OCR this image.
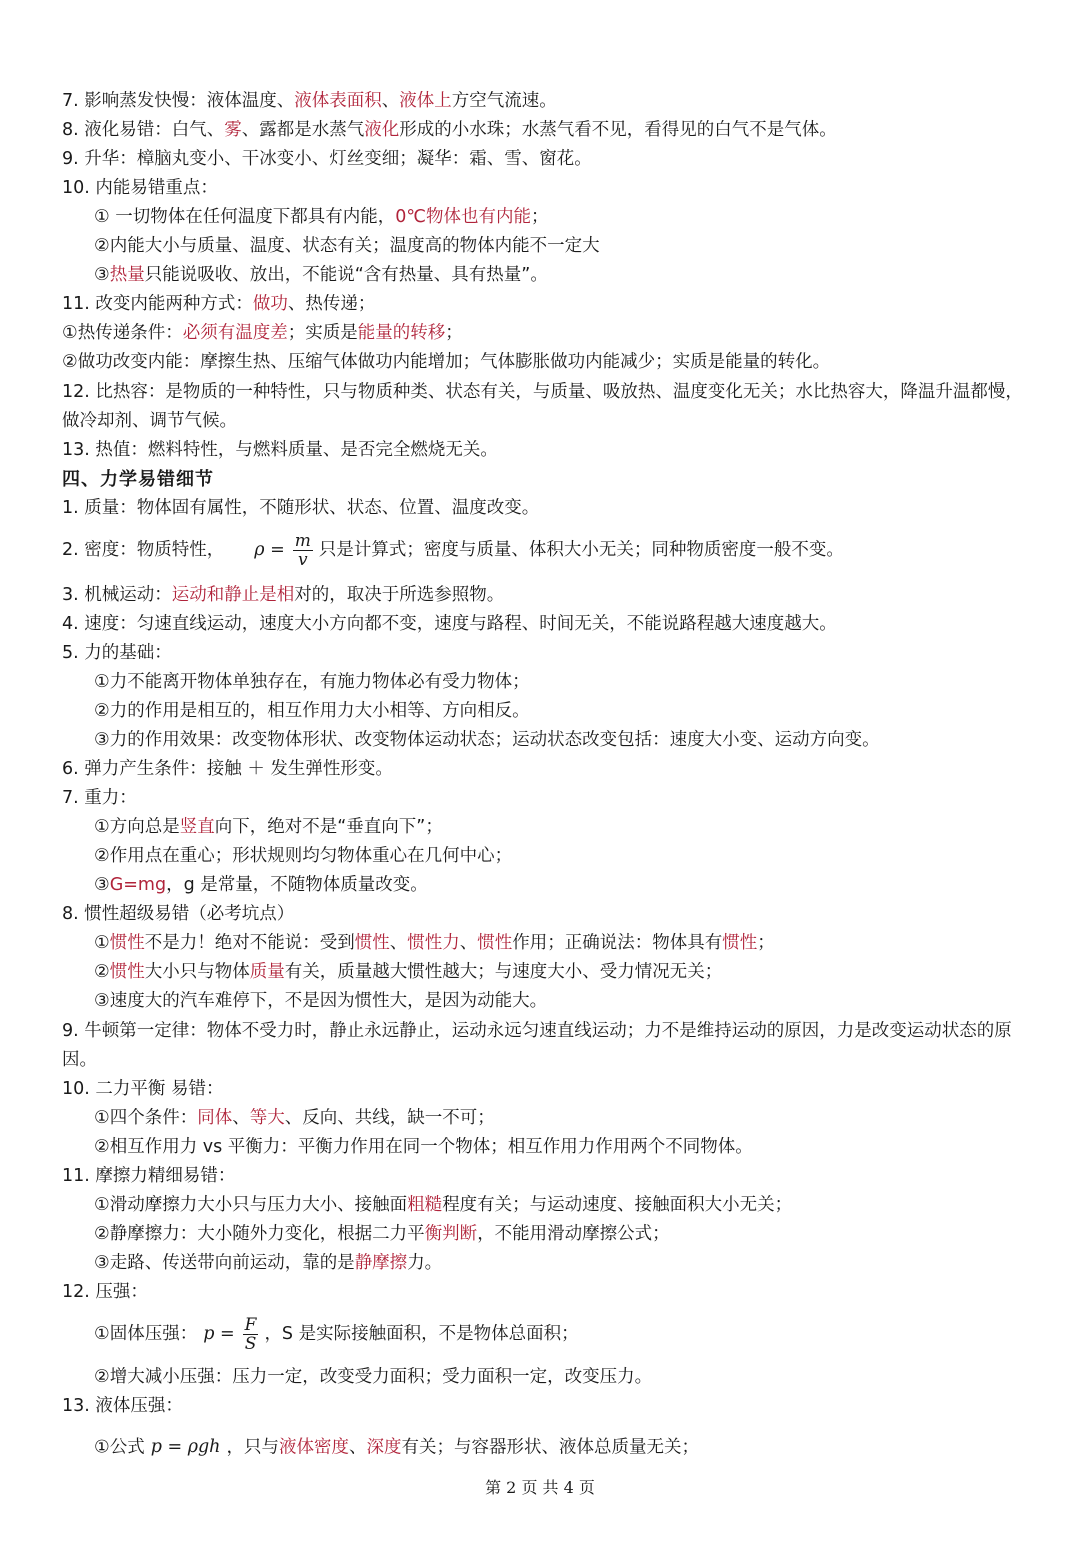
7. 影响蒸发快慢：液体温度、液体表面积、液体上方空气流速。
8. 液化易错：白气、雾、露都是水蒸气液化形成的小水珠；水蒸气看不见，看得见的白气不是气体。
9. 升华：樟脑丸变小、干冰变小、灯丝变细；凝华：霜、雪、窗花。
10. 内能易错重点：
① 一切物体在任何温度下都具有内能，0℃物体也有内能；
②内能大小与质量、温度、状态有关；温度高的物体内能不一定大
③热量只能说吸收、放出，不能说“含有热量、具有热量”。
11. 改变内能两种方式：做功、热传递；
①热传递条件：必须有温度差；实质是能量的转移；
②做功改变内能：摩擦生热、压缩气体做功内能增加；气体膨胀做功内能减少；实质是能量的转化。
12. 比热容：是物质的一种特性，只与物质种类、状态有关，与质量、吸放热、温度变化无关；水比热容大，降温升温都慢，做冷却剂、调节气候。
13. 热值：燃料特性，与燃料质量、是否完全燃烧无关。
四、力学易错细节
1. 质量：物体固有属性，不随形状、状态、位置、温度改变。
2. 密度：物质特性， $\rho = \frac{m}{v}$ 只是计算式；密度与质量、体积大小无关；同种物质密度一般不变。
3. 机械运动：运动和静止是相对的，取决于所选参照物。
4. 速度：匀速直线运动，速度大小方向都不变，速度与路程、时间无关，不能说路程越大速度越大。
5. 力的基础：
①力不能离开物体单独存在，有施力物体必有受力物体；
②力的作用是相互的，相互作用力大小相等、方向相反。
③力的作用效果：改变物体形状、改变物体运动状态；运动状态改变包括：速度大小变、运动方向变。
6. 弹力产生条件：接触 ＋ 发生弹性形变。
7. 重力：
①方向总是竖直向下，绝对不是“垂直向下”；
②作用点在重心；形状规则均匀物体重心在几何中心；
③G=mg，g 是常量，不随物体质量改变。
8. 惯性超级易错（必考坑点）
①惯性不是力！绝对不能说：受到惯性、惯性力、惯性作用；正确说法：物体具有惯性；
②惯性大小只与物体质量有关，质量越大惯性越大；与速度大小、受力情况无关；
③速度大的汽车难停下，不是因为惯性大，是因为动能大。
9. 牛顿第一定律：物体不受力时，静止永远静止，运动永远匀速直线运动；力不是维持运动的原因，力是改变运动状态的原因。
10. 二力平衡 易错：
①四个条件：同体、等大、反向、共线，缺一不可；
②相互作用力 vs 平衡力：平衡力作用在同一个物体；相互作用力作用两个不同物体。
11. 摩擦力精细易错：
①滑动摩擦力大小只与压力大小、接触面粗糙程度有关；与运动速度、接触面积大小无关；
②静摩擦力：大小随外力变化，根据二力平衡判断，不能用滑动摩擦公式；
③走路、传送带向前运动，靠的是静摩擦力。
12. 压强：
①固体压强： $p = \frac{F}{S}$ ，S 是实际接触面积，不是物体总面积；
②增大减小压强：压力一定，改变受力面积；受力面积一定，改变压力。
13. 液体压强：
①公式 p = ρgh ，只与液体密度、深度有关；与容器形状、液体总质量无关；
第 2 页 共 4 页
